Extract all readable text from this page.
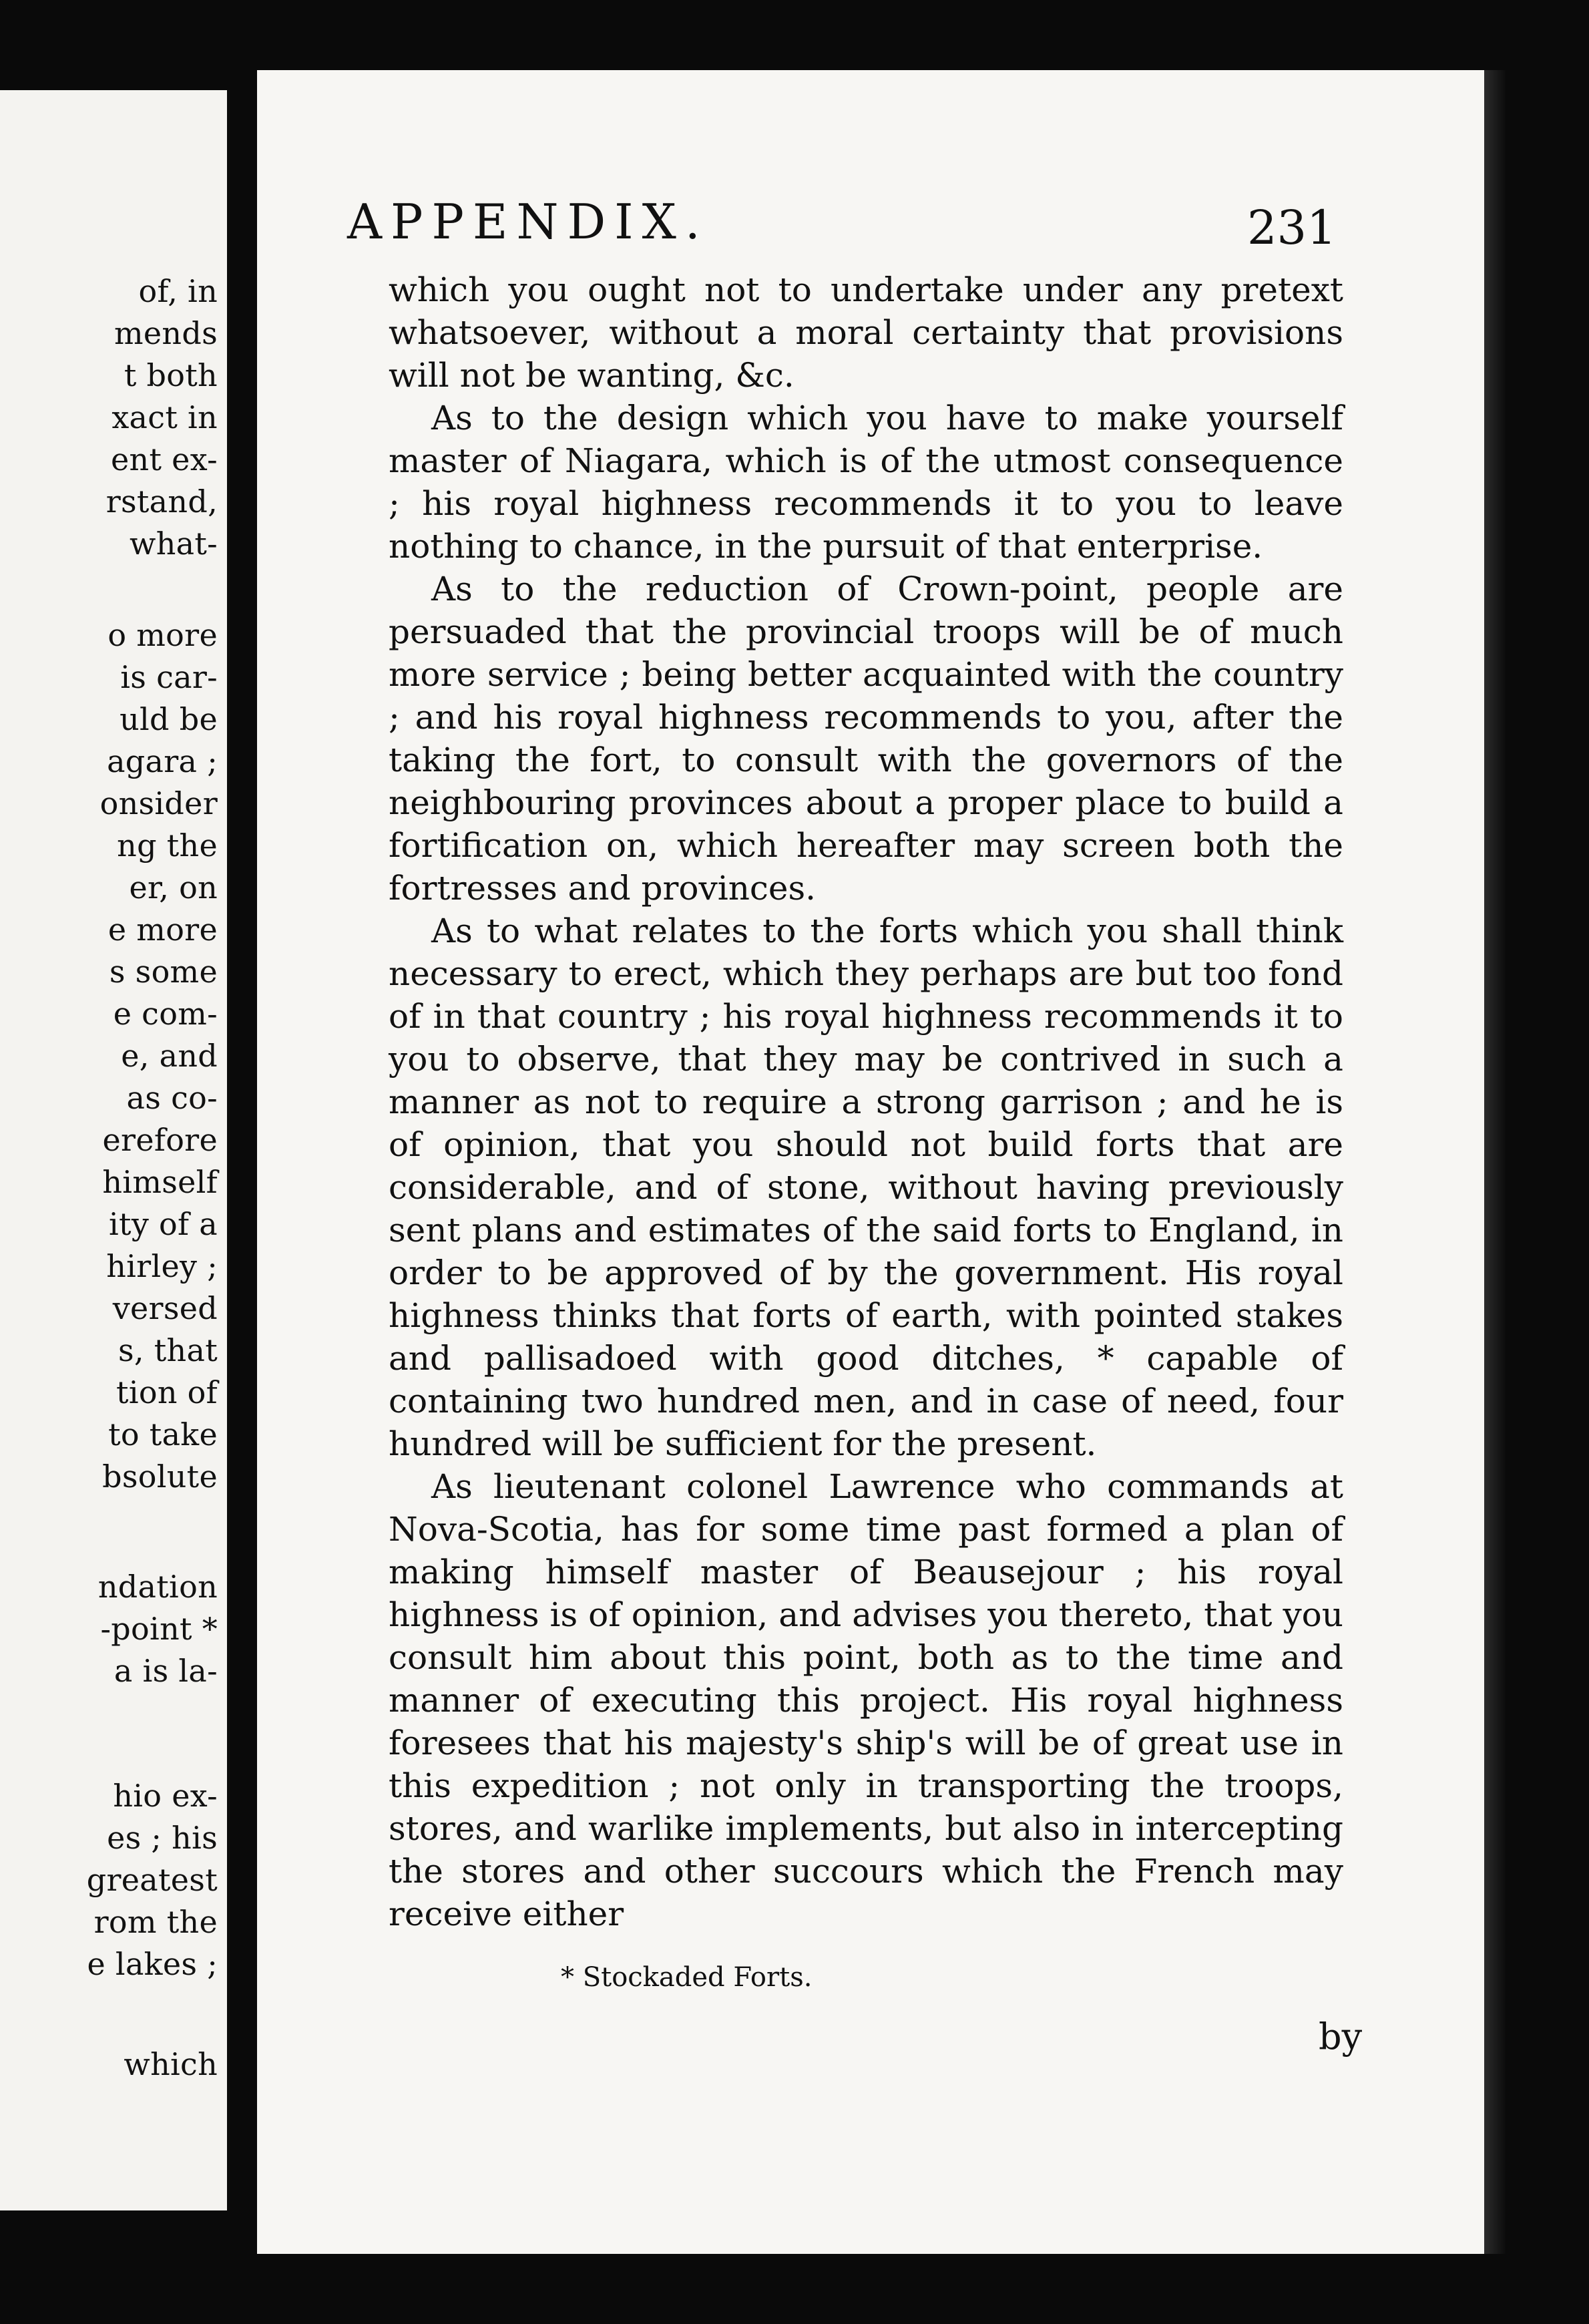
of, in
mends
t both
xact in
ent ex-
rstand,
what-
o more
is car-
uld be
agara ;
onsider
ng the
er, on
e more
s some
e com-
e, and
as co-
erefore
himself
ity of a
hirley ;
versed
s, that
tion of
to take
bsolute
ndation
-point *
a is la-
hio ex-
es ; his
greatest
rom the
e lakes ;
which
APPENDIX.	231

which you ought not to undertake under any pretext whatsoever, without a moral certainty that provisions will not be wanting, &c.

As to the design which you have to make yourself master of Niagara, which is of the utmost consequence ; his royal highness recommends it to you to leave nothing to chance, in the pursuit of that enterprise.

As to the reduction of Crown-point, people are persuaded that the provincial troops will be of much more service ; being better acquainted with the country ; and his royal highness recommends to you, after the taking the fort, to consult with the governors of the neighbouring provinces about a proper place to build a fortification on, which hereafter may screen both the fortresses and provinces.

As to what relates to the forts which you shall think necessary to erect, which they perhaps are but too fond of in that country ; his royal highness recommends it to you to observe, that they may be contrived in such a manner as not to require a strong garrison ; and he is of opinion, that you should not build forts that are considerable, and of stone, without having previously sent plans and estimates of the said forts to England, in order to be approved of by the government. His royal highness thinks that forts of earth, with pointed stakes and pallisadoed with good ditches, * capable of containing two hundred men, and in case of need, four hundred will be sufficient for the present.

As lieutenant colonel Lawrence who commands at Nova-Scotia, has for some time past formed a plan of making himself master of Beausejour ; his royal highness is of opinion, and advises you thereto, that you consult him about this point, both as to the time and manner of executing this project. His royal highness foresees that his majesty's ship's will be of great use in this expedition ; not only in transporting the troops, stores, and warlike implements, but also in intercepting the stores and other succours which the French may receive either

* Stockaded Forts.
by
